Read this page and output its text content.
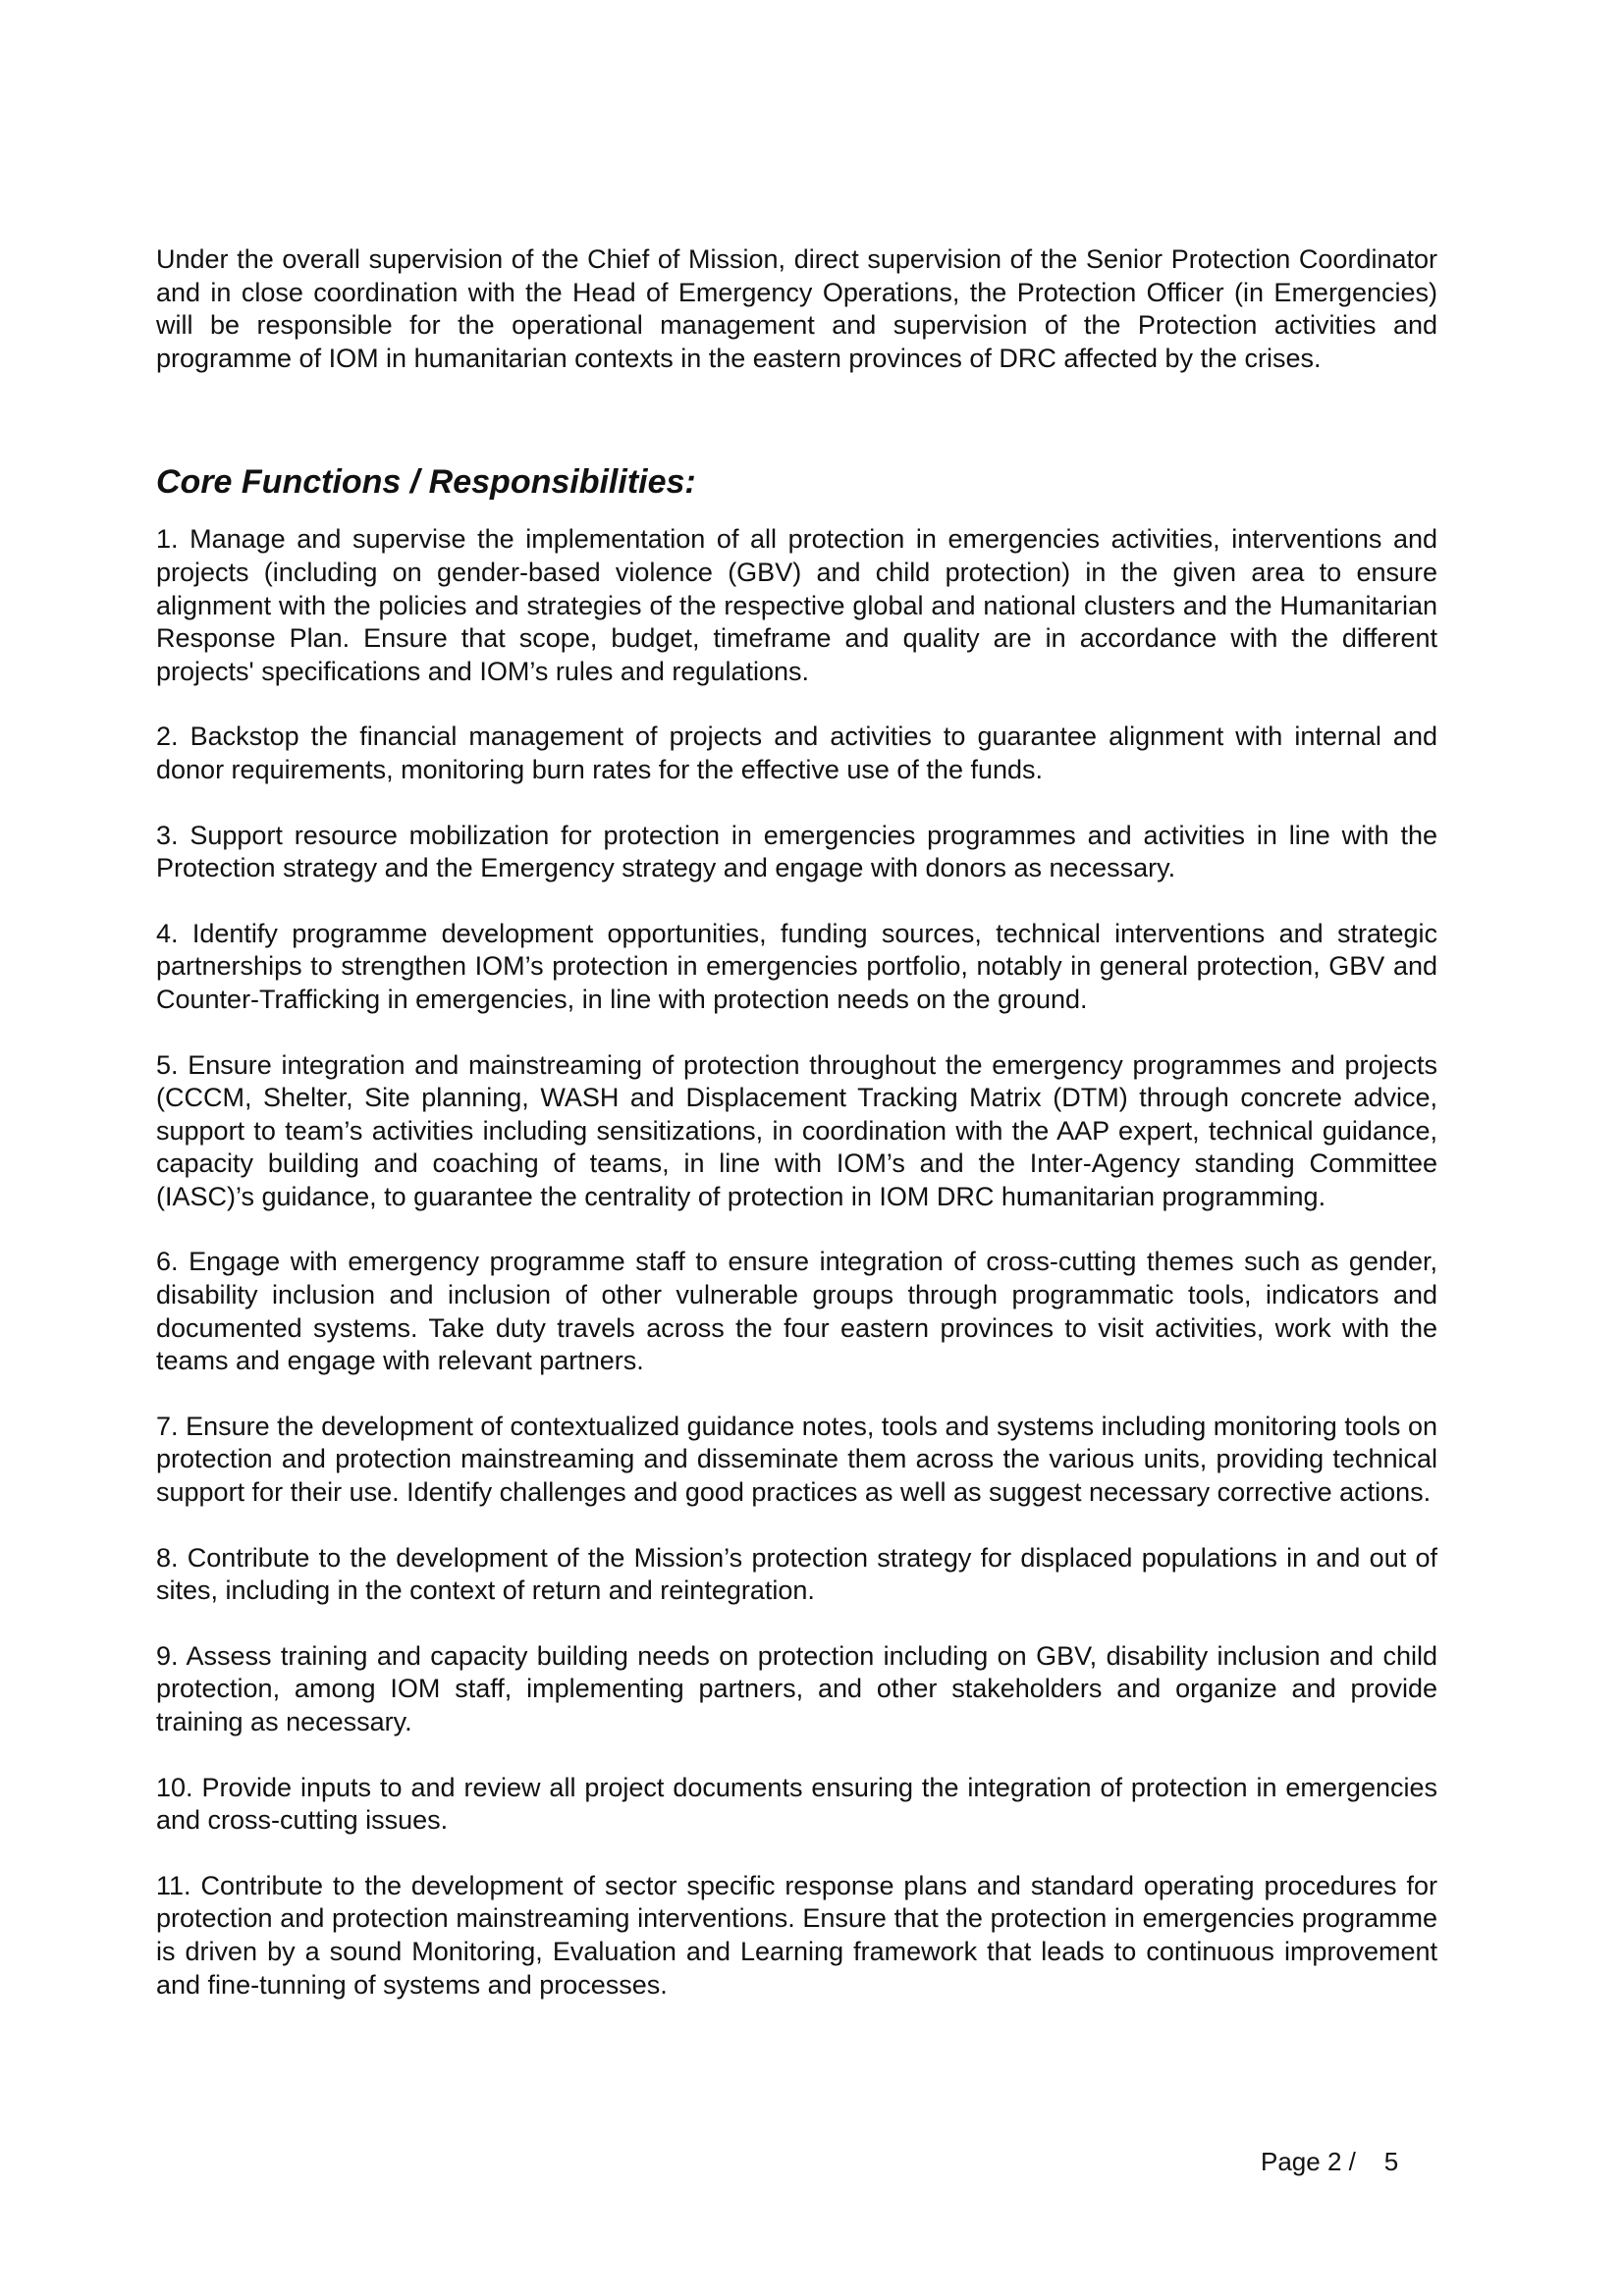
Under the overall supervision of the Chief of Mission, direct supervision of the Senior Protection Coordinator and in close coordination with the Head of Emergency Operations, the Protection Officer (in Emergencies) will be responsible for the operational management and supervision of the Protection activities and programme of IOM in humanitarian contexts in the eastern provinces of DRC affected by the crises.

Core Functions / Responsibilities:

1. Manage and supervise the implementation of all protection in emergencies activities, interventions and projects (including on gender-based violence (GBV) and child protection) in the given area to ensure alignment with the policies and strategies of the respective global and national clusters and the Humanitarian Response Plan. Ensure that scope, budget, timeframe and quality are in accordance with the different projects' specifications and IOM’s rules and regulations.

2. Backstop the financial management of projects and activities to guarantee alignment with internal and donor requirements, monitoring burn rates for the effective use of the funds.

3. Support resource mobilization for protection in emergencies programmes and activities in line with the Protection strategy and the Emergency strategy and engage with donors as necessary.

4. Identify programme development opportunities, funding sources, technical interventions and strategic partnerships to strengthen IOM’s protection in emergencies portfolio, notably in general protection, GBV and Counter-Trafficking in emergencies, in line with protection needs on the ground.

5. Ensure integration and mainstreaming of protection throughout the emergency programmes and projects (CCCM, Shelter, Site planning, WASH and Displacement Tracking Matrix (DTM) through concrete advice, support to team’s activities including sensitizations, in coordination with the AAP expert, technical guidance, capacity building and coaching of teams, in line with IOM’s and the Inter-Agency standing Committee (IASC)’s guidance, to guarantee the centrality of protection in IOM DRC humanitarian programming.

6. Engage with emergency programme staff to ensure integration of cross-cutting themes such as gender, disability inclusion and inclusion of other vulnerable groups through programmatic tools, indicators and documented systems. Take duty travels across the four eastern provinces to visit activities, work with the teams and engage with relevant partners.

7. Ensure the development of contextualized guidance notes, tools and systems including monitoring tools on protection and protection mainstreaming and disseminate them across the various units, providing technical support for their use. Identify challenges and good practices as well as suggest necessary corrective actions.

8. Contribute to the development of the Mission’s protection strategy for displaced populations in and out of sites, including in the context of return and reintegration.

9. Assess training and capacity building needs on protection including on GBV, disability inclusion and child protection, among IOM staff, implementing partners, and other stakeholders and organize and provide training as necessary.

10. Provide inputs to and review all project documents ensuring the integration of protection in emergencies and cross-cutting issues.

11. Contribute to the development of sector specific response plans and standard operating procedures for protection and protection mainstreaming interventions. Ensure that the protection in emergencies programme is driven by a sound Monitoring, Evaluation and Learning framework that leads to continuous improvement and fine-tunning of systems and processes.

Page 2 / 5
